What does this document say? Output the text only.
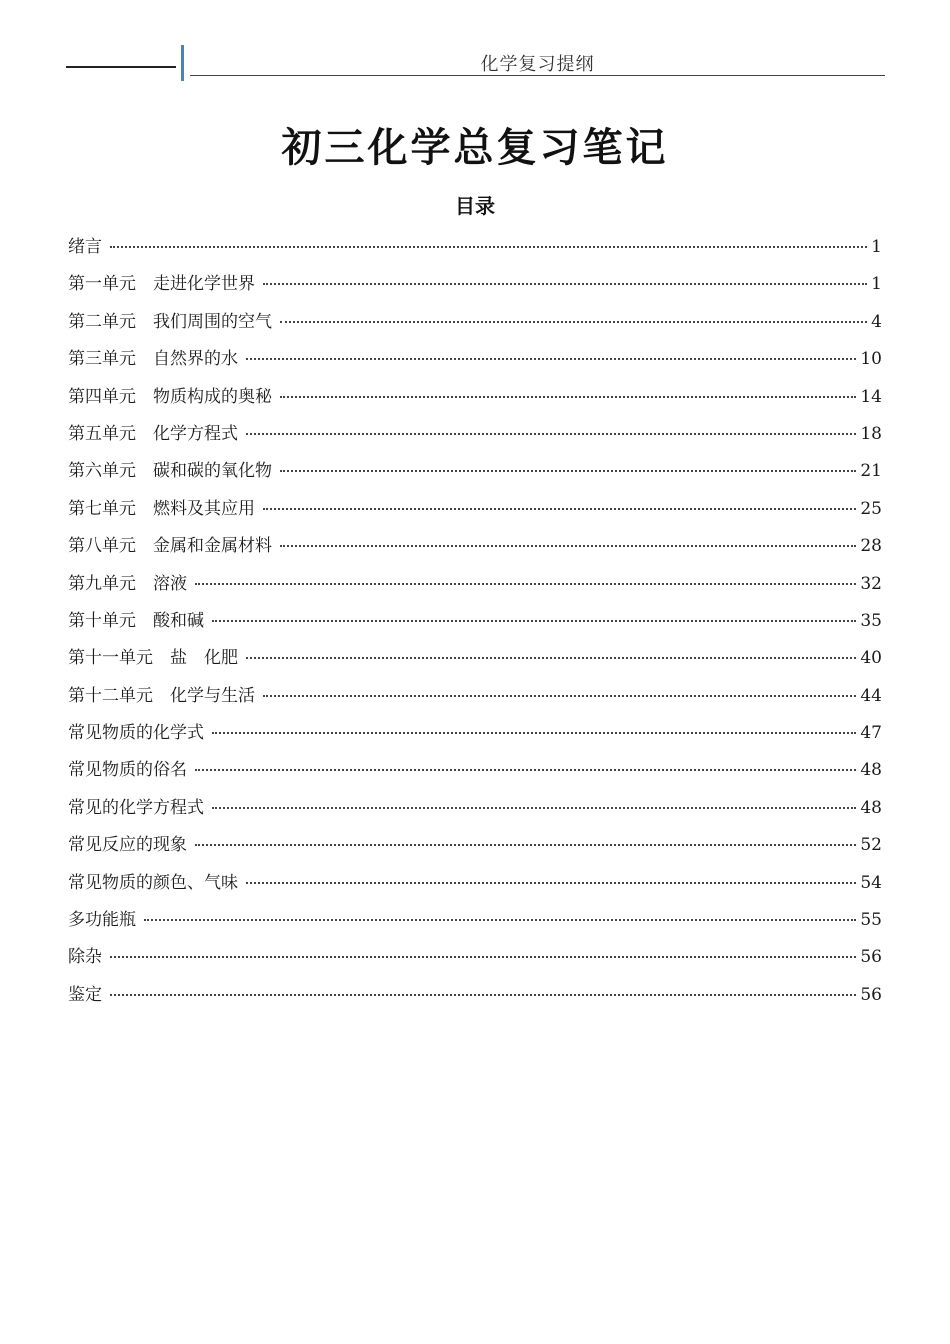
化学复习提纲
初三化学总复习笔记
目录
绪言	1
第一单元　走进化学世界	1
第二单元　我们周围的空气	4
第三单元　自然界的水	10
第四单元　物质构成的奥秘	14
第五单元　化学方程式	18
第六单元　碳和碳的氧化物	21
第七单元　燃料及其应用	25
第八单元　金属和金属材料	28
第九单元　溶液	32
第十单元　酸和碱	35
第十一单元　盐　化肥	40
第十二单元　化学与生活	44
常见物质的化学式	47
常见物质的俗名	48
常见的化学方程式	48
常见反应的现象	52
常见物质的颜色、气味	54
多功能瓶	55
除杂	56
鉴定	56
